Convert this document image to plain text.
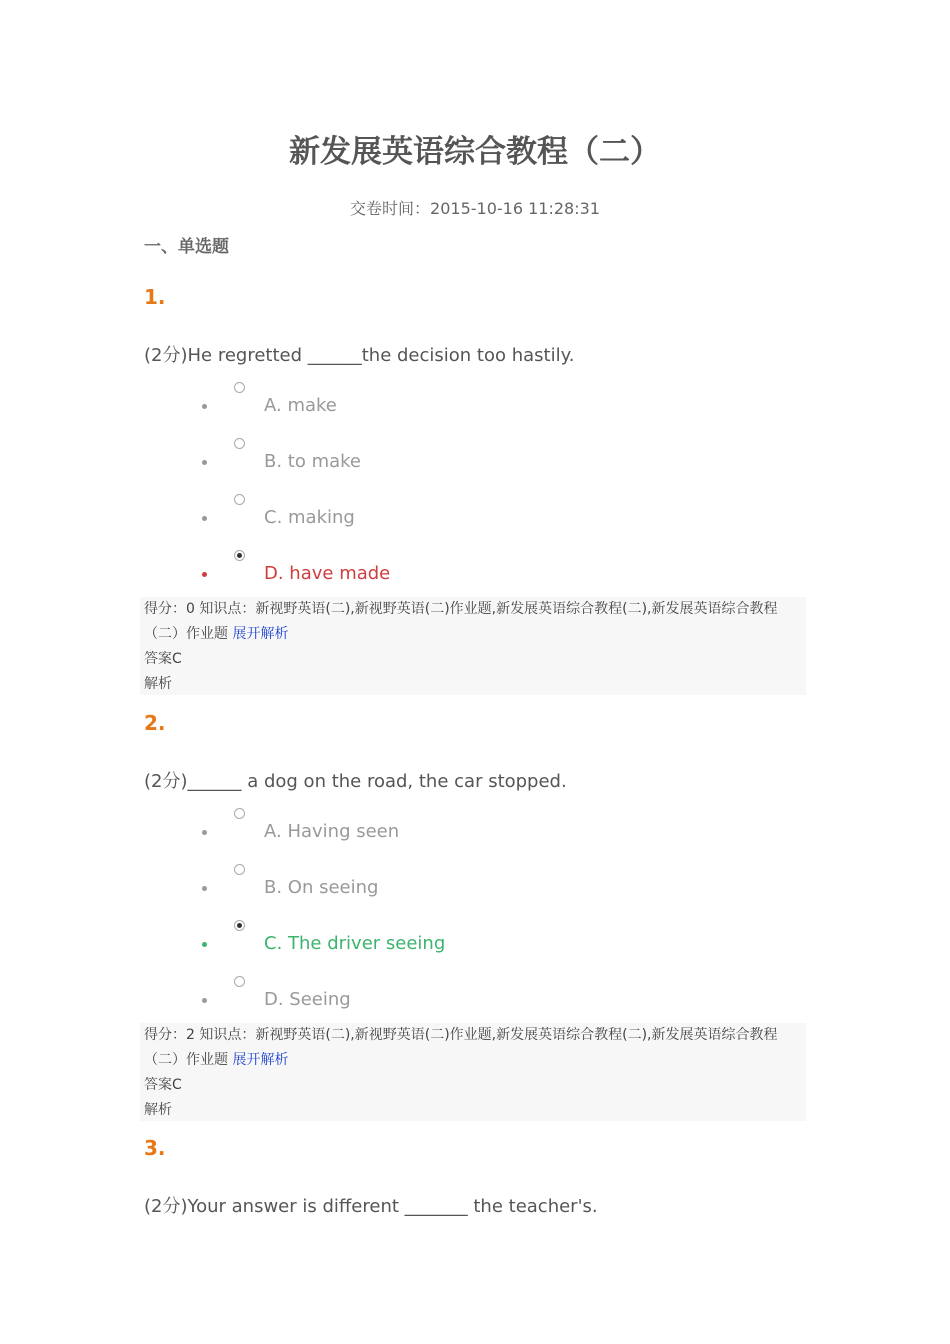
新发展英语综合教程（二）
交卷时间：2015-10-16 11:28:31
一、单选题
1.
(2分)He regretted ______the decision too hastily.
A. make
B. to make
C. making
D. have made
得分：0 知识点：新视野英语(二),新视野英语(二)作业题,新发展英语综合教程(二),新发展英语综合教程（二）作业题 展开解析
答案C
解析
2.
(2分)______ a dog on the road, the car stopped.
A. Having seen
B. On seeing
C. The driver seeing
D. Seeing
得分：2 知识点：新视野英语(二),新视野英语(二)作业题,新发展英语综合教程(二),新发展英语综合教程（二）作业题 展开解析
答案C
解析
3.
(2分)Your answer is different _______ the teacher's.
